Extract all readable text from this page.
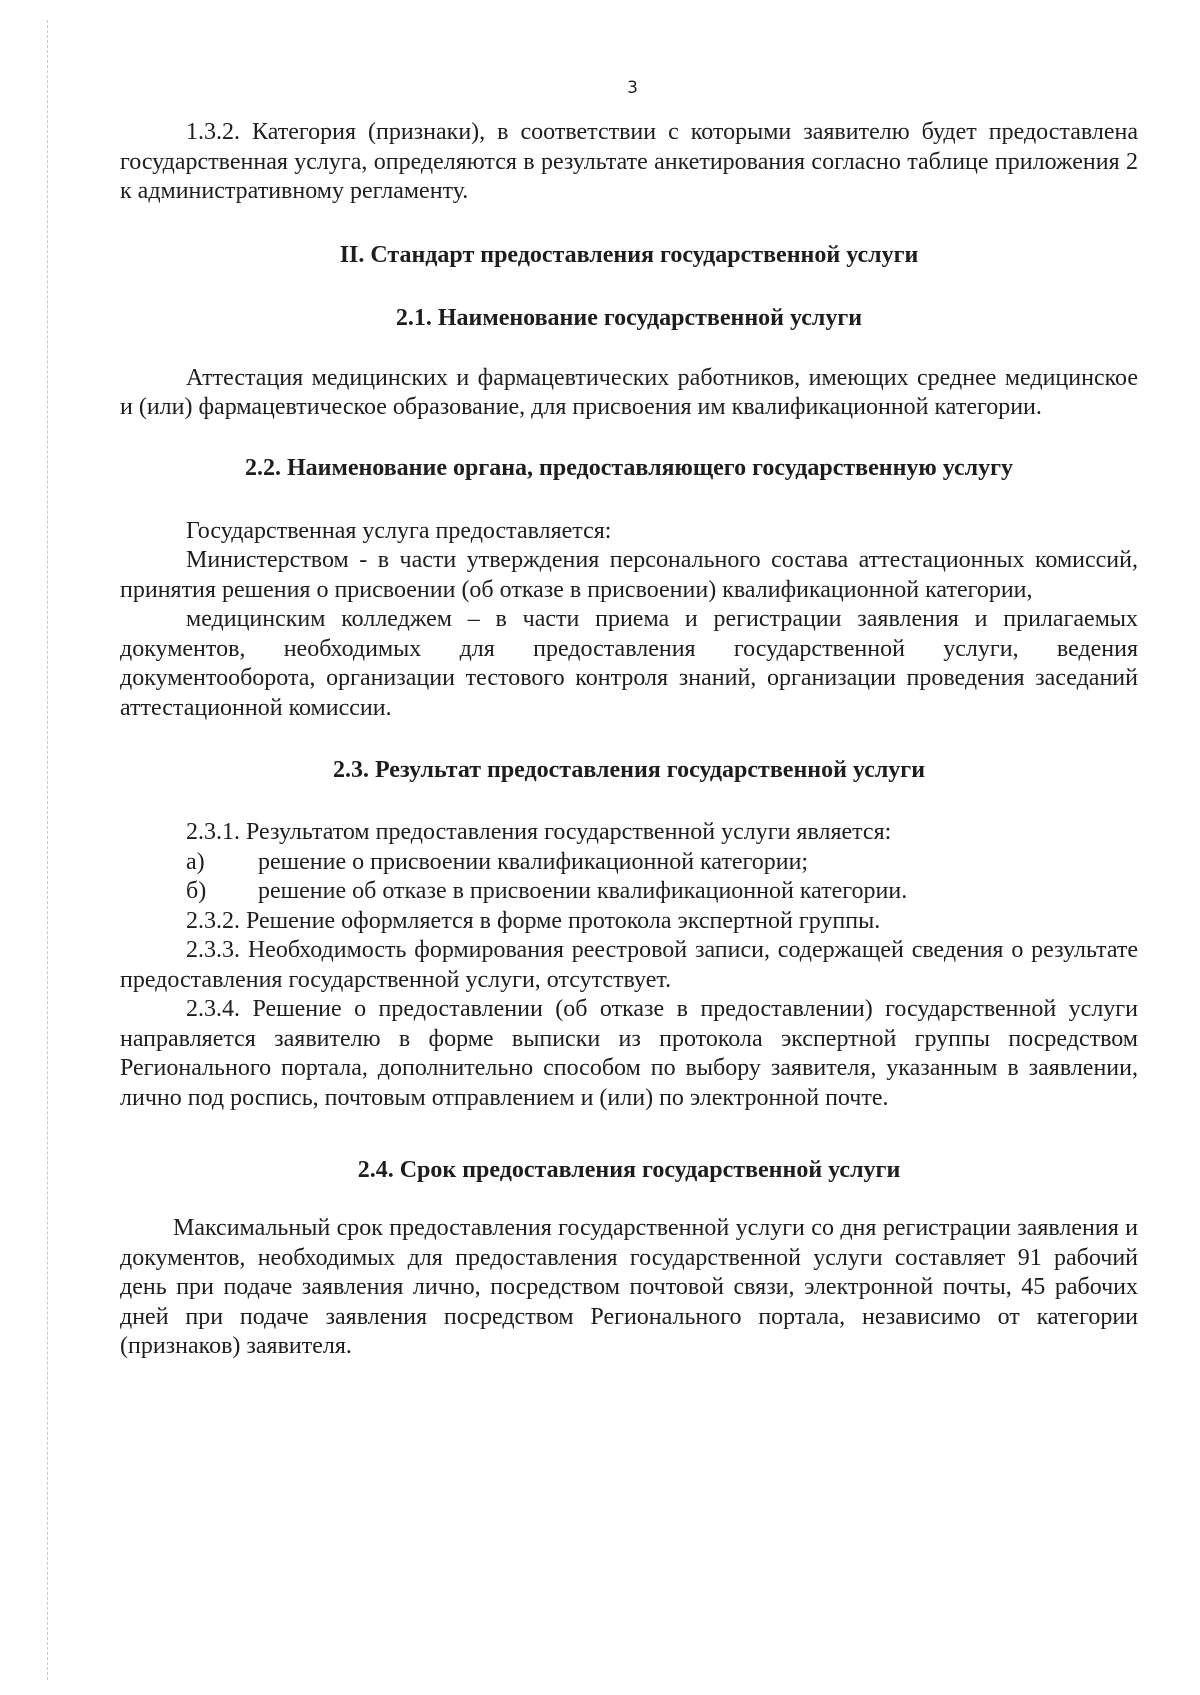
3

1.3.2. Категория (признаки), в соответствии с которыми заявителю будет предоставлена государственная услуга, определяются в результате анкетирования согласно таблице приложения 2 к административному регламенту.

II. Стандарт предоставления государственной услуги
2.1. Наименование государственной услуги

Аттестация медицинских и фармацевтических работников, имеющих среднее медицинское и (или) фармацевтическое образование, для присвоения им квалификационной категории.

2.2. Наименование органа, предоставляющего государственную услугу

Государственная услуга предоставляется:

Министерством - в части утверждения персонального состава аттестационных комиссий, принятия решения о присвоении (об отказе в присвоении) квалификационной категории,

медицинским колледжем – в части приема и регистрации заявления и прилагаемых документов, необходимых для предоставления государственной услуги, ведения документооборота, организации тестового контроля знаний, организации проведения заседаний аттестационной комиссии.

2.3. Результат предоставления государственной услуги

2.3.1. Результатом предоставления государственной услуги является:

а)	решение о присвоении квалификационной категории;
б)	решение об отказе в присвоении квалификационной категории.

2.3.2. Решение оформляется в форме протокола экспертной группы.

2.3.3. Необходимость формирования реестровой записи, содержащей сведения о результате предоставления государственной услуги, отсутствует.

2.3.4. Решение о предоставлении (об отказе в предоставлении) государственной услуги направляется заявителю в форме выписки из протокола экспертной группы посредством Регионального портала, дополнительно способом по выбору заявителя, указанным в заявлении, лично под роспись, почтовым отправлением и (или) по электронной почте.

2.4. Срок предоставления государственной услуги

Максимальный срок предоставления государственной услуги со дня регистрации заявления и документов, необходимых для предоставления государственной услуги составляет 91 рабочий день при подаче заявления лично, посредством почтовой связи, электронной почты, 45 рабочих дней при подаче заявления посредством Регионального портала, независимо от категории (признаков) заявителя.
